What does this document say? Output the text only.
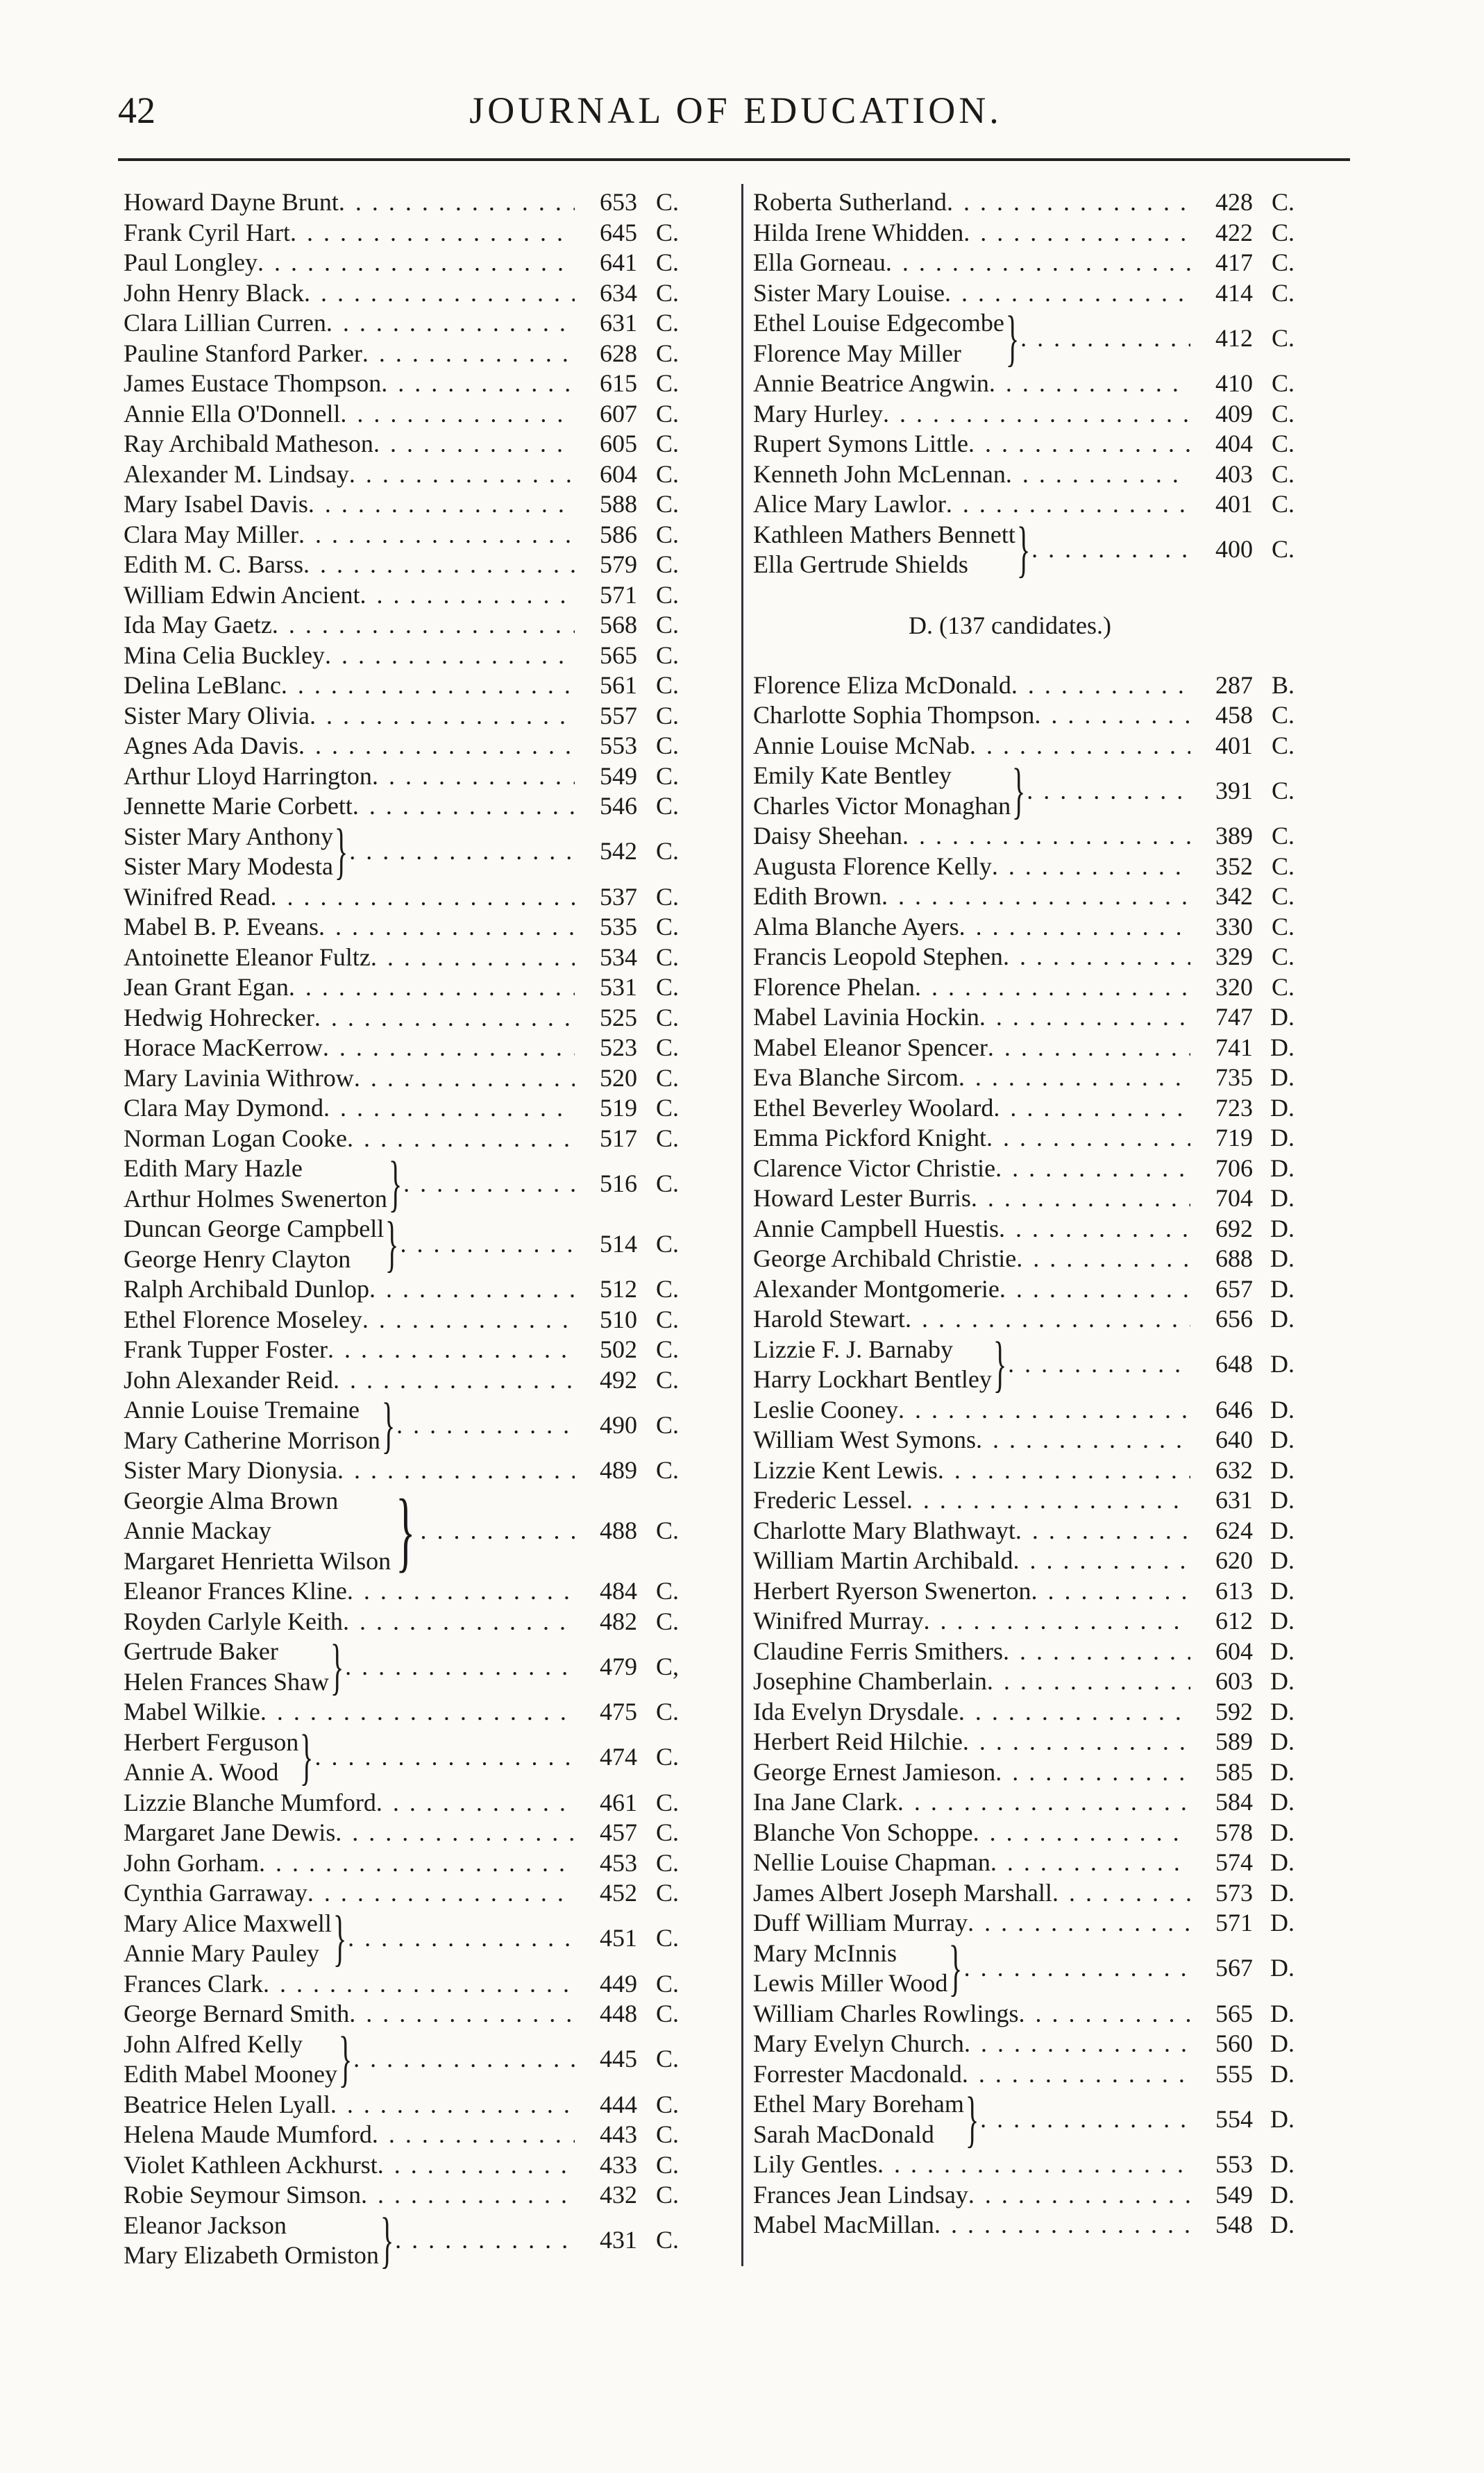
42	JOURNAL OF EDUCATION.
Howard Dayne Brunt . . .	653 C.
Frank Cyril Hart . . .	645 C.
Paul Longley . . .	641 C.
John Henry Black . . .	634 C.
Clara Lillian Curren . . .	631 C.
Pauline Stanford Parker . . .	628 C.
James Eustace Thompson . . .	615 C.
Annie Ella O'Donnell . . .	607 C.
Ray Archibald Matheson . . .	605 C.
Alexander M. Lindsay . . .	604 C.
Mary Isabel Davis . . .	588 C.
Clara May Miller . . .	586 C.
Edith M. C. Barss . . .	579 C.
William Edwin Ancient . . .	571 C.
Ida May Gaetz . . .	568 C.
Mina Celia Buckley . . .	565 C.
Delina LeBlanc . . .	561 C.
Sister Mary Olivia . . .	557 C.
Agnes Ada Davis . . .	553 C.
Arthur Lloyd Harrington . . .	549 C.
Jennette Marie Corbett . . .	546 C.
Sister Mary Anthony
Sister Mary Modesta } . . .	542 C.
Winifred Read . . .	537 C.
Mabel B. P. Eveans . . .	535 C.
Antoinette Eleanor Fultz . . .	534 C.
Jean Grant Egan . . .	531 C.
Hedwig Hohrecker . . .	525 C.
Horace MacKerrow . . .	523 C.
Mary Lavinia Withrow . . .	520 C.
Clara May Dymond . . .	519 C.
Norman Logan Cooke . . .	517 C.
Edith Mary Hazle
Arthur Holmes Swenerton } . . .	516 C.
Duncan George Campbell
George Henry Clayton } . . .	514 C.
Ralph Archibald Dunlop . . .	512 C.
Ethel Florence Moseley . . .	510 C.
Frank Tupper Foster . . .	502 C.
John Alexander Reid . . .	492 C.
Annie Louise Tremaine
Mary Catherine Morrison } . . .	490 C.
Sister Mary Dionysia . . .	489 C.
Georgie Alma Brown
Annie Mackay
Margaret Henrietta Wilson } . . .	488 C.
Eleanor Frances Kline . . .	484 C.
Royden Carlyle Keith . . .	482 C.
Gertrude Baker
Helen Frances Shaw } . . .	479 C,
Mabel Wilkie . . .	475 C.
Herbert Ferguson
Annie A. Wood } . . .	474 C.
Lizzie Blanche Mumford . . .	461 C.
Margaret Jane Dewis . . .	457 C.
John Gorham . . .	453 C.
Cynthia Garraway . . .	452 C.
Mary Alice Maxwell
Annie Mary Pauley } . . .	451 C.
Frances Clark . . .	449 C.
George Bernard Smith . . .	448 C.
John Alfred Kelly
Edith Mabel Mooney } . . .	445 C.
Beatrice Helen Lyall . . .	444 C.
Helena Maude Mumford . . .	443 C.
Violet Kathleen Ackhurst . . .	433 C.
Robie Seymour Simson . . .	432 C.
Eleanor Jackson
Mary Elizabeth Ormiston } . . .	431 C.
Roberta Sutherland . . .	428 C.
Hilda Irene Whidden . . .	422 C.
Ella Gorneau . . .	417 C.
Sister Mary Louise . . .	414 C.
Ethel Louise Edgecombe
Florence May Miller } . . .	412 C.
Annie Beatrice Angwin . . .	410 C.
Mary Hurley . . .	409 C.
Rupert Symons Little . . .	404 C.
Kenneth John McLennan . . .	403 C.
Alice Mary Lawlor . . .	401 C.
Kathleen Mathers Bennett
Ella Gertrude Shields } . . .	400 C.
D. (137 candidates.)
Florence Eliza McDonald . . .	287 B.
Charlotte Sophia Thompson . . .	458 C.
Annie Louise McNab . . .	401 C.
Emily Kate Bentley
Charles Victor Monaghan } . . .	391 C.
Daisy Sheehan . . .	389 C.
Augusta Florence Kelly . . .	352 C.
Edith Brown . . .	342 C.
Alma Blanche Ayers . . .	330 C.
Francis Leopold Stephen . . .	329 C.
Florence Phelan . . .	320 C.
Mabel Lavinia Hockin . . .	747 D.
Mabel Eleanor Spencer . . .	741 D.
Eva Blanche Sircom . . .	735 D.
Ethel Beverley Woolard . . .	723 D.
Emma Pickford Knight . . .	719 D.
Clarence Victor Christie . . .	706 D.
Howard Lester Burris . . .	704 D.
Annie Campbell Huestis . . .	692 D.
George Archibald Christie . . .	688 D.
Alexander Montgomerie . . .	657 D.
Harold Stewart . . .	656 D.
Lizzie F. J. Barnaby
Harry Lockhart Bentley } . . .	648 D.
Leslie Cooney . . .	646 D.
William West Symons . . .	640 D.
Lizzie Kent Lewis . . .	632 D.
Frederic Lessel . . .	631 D.
Charlotte Mary Blathwayt . . .	624 D.
William Martin Archibald . . .	620 D.
Herbert Ryerson Swenerton . . .	613 D.
Winifred Murray . . .	612 D.
Claudine Ferris Smithers . . .	604 D.
Josephine Chamberlain . . .	603 D.
Ida Evelyn Drysdale . . .	592 D.
Herbert Reid Hilchie . . .	589 D.
George Ernest Jamieson . . .	585 D.
Ina Jane Clark . . .	584 D.
Blanche Von Schoppe . . .	578 D.
Nellie Louise Chapman . . .	574 D.
James Albert Joseph Marshall . . .	573 D.
Duff William Murray . . .	571 D.
Mary McInnis
Lewis Miller Wood } . . .	567 D.
William Charles Rowlings . . .	565 D.
Mary Evelyn Church . . .	560 D.
Forrester Macdonald . . .	555 D.
Ethel Mary Boreham
Sarah MacDonald } . . .	554 D.
Lily Gentles . . .	553 D.
Frances Jean Lindsay . . .	549 D.
Mabel MacMillan . . .	548 D.
